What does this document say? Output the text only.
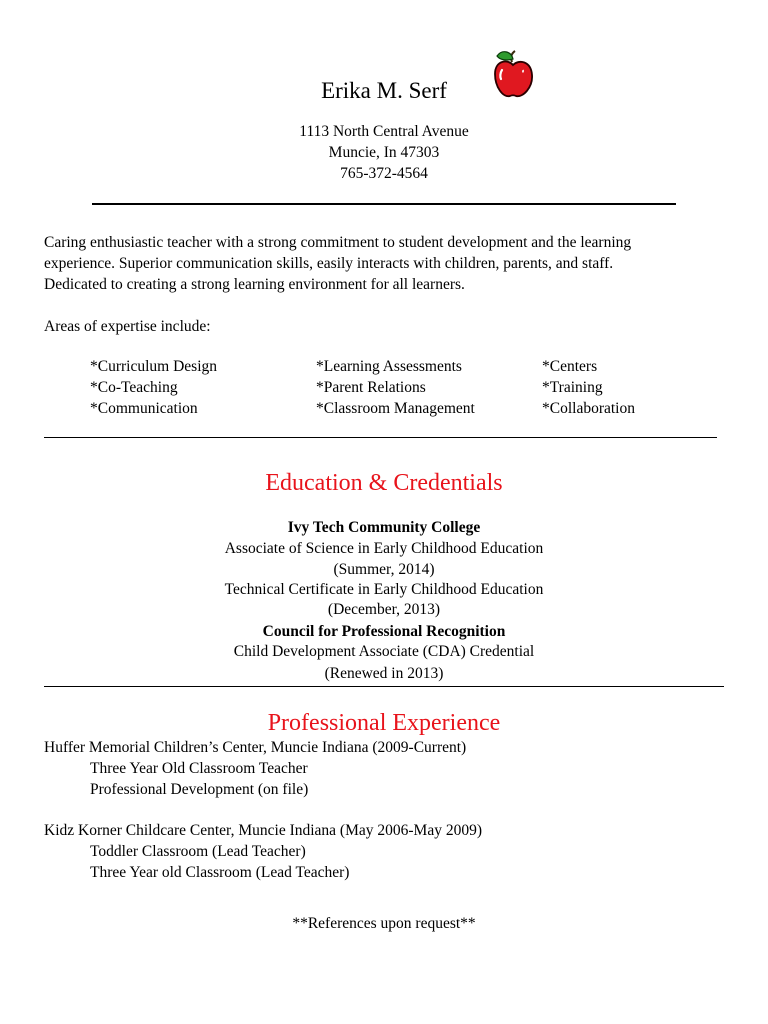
Erika M. Serf
1113 North Central Avenue
Muncie, In 47303
765-372-4564
Caring enthusiastic teacher with a strong commitment to student development and the learning
experience. Superior communication skills, easily interacts with children, parents, and staff.
Dedicated to creating a strong learning environment for all learners.
Areas of expertise include:
*Curriculum Design
*Co-Teaching
*Communication
*Learning Assessments
*Parent Relations
*Classroom Management
*Centers
*Training
*Collaboration
Education & Credentials
Ivy Tech Community College
Associate of Science in Early Childhood Education
(Summer, 2014)
Technical Certificate in Early Childhood Education
(December, 2013)
Council for Professional Recognition
Child Development Associate (CDA) Credential
(Renewed in 2013)
Professional Experience
Huffer Memorial Children’s Center, Muncie Indiana (2009-Current)
Three Year Old Classroom Teacher
Professional Development (on file)
Kidz Korner Childcare Center, Muncie Indiana (May 2006-May 2009)
Toddler Classroom (Lead Teacher)
Three Year old Classroom (Lead Teacher)
**References upon request**
